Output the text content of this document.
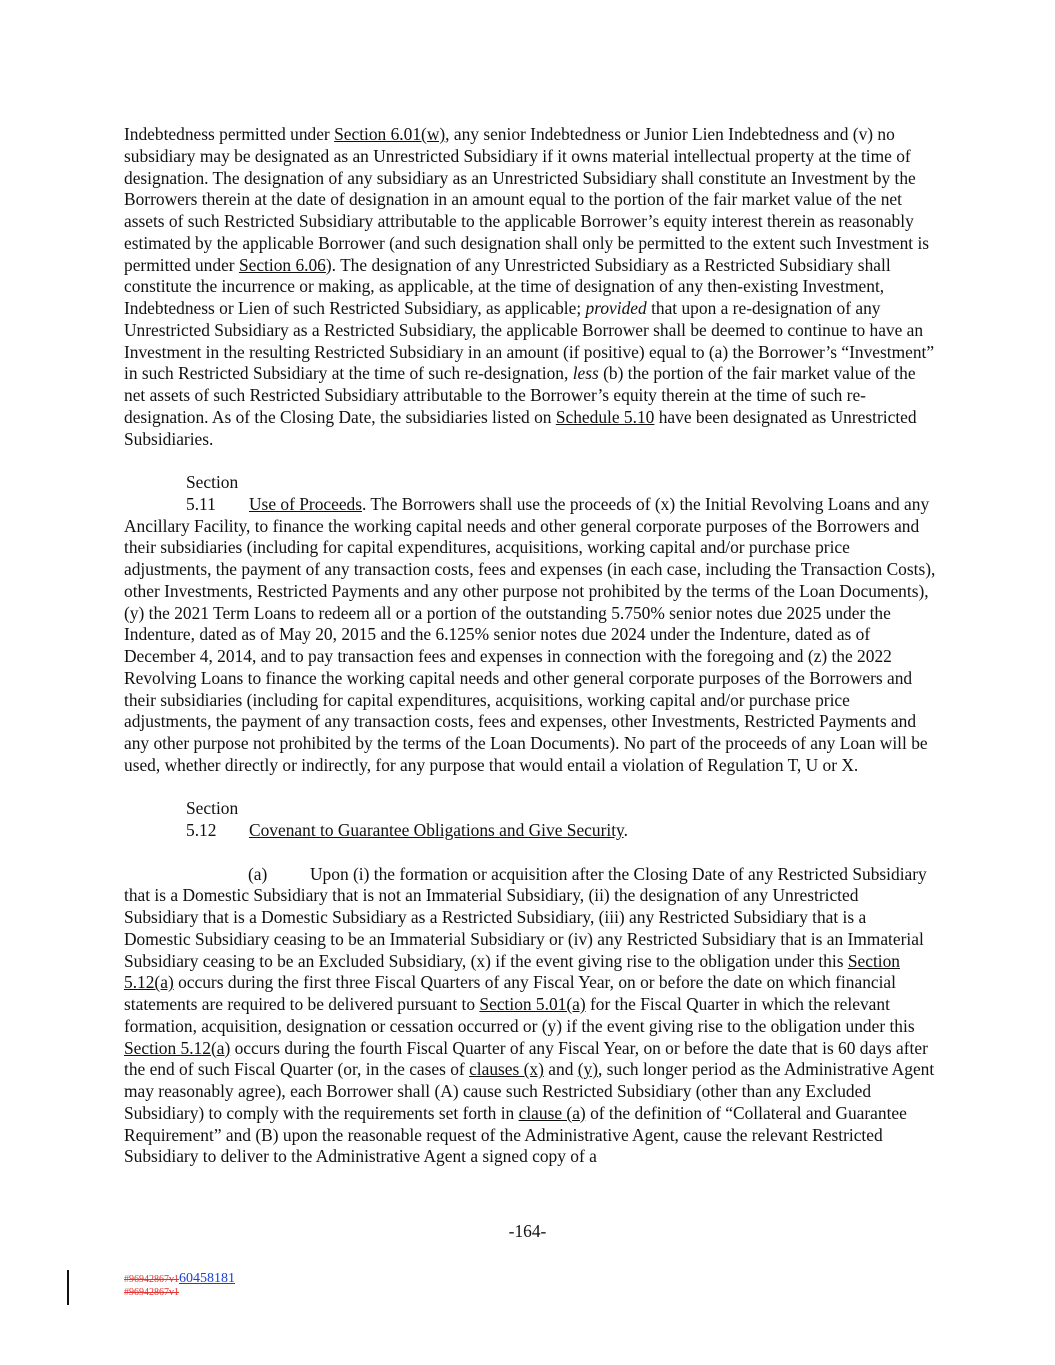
Indebtedness permitted under Section 6.01(w), any senior Indebtedness or Junior Lien Indebtedness and (v) no subsidiary may be designated as an Unrestricted Subsidiary if it owns material intellectual property at the time of designation. The designation of any subsidiary as an Unrestricted Subsidiary shall constitute an Investment by the Borrowers therein at the date of designation in an amount equal to the portion of the fair market value of the net assets of such Restricted Subsidiary attributable to the applicable Borrower’s equity interest therein as reasonably estimated by the applicable Borrower (and such designation shall only be permitted to the extent such Investment is permitted under Section 6.06). The designation of any Unrestricted Subsidiary as a Restricted Subsidiary shall constitute the incurrence or making, as applicable, at the time of designation of any then-existing Investment, Indebtedness or Lien of such Restricted Subsidiary, as applicable; provided that upon a re-designation of any Unrestricted Subsidiary as a Restricted Subsidiary, the applicable Borrower shall be deemed to continue to have an Investment in the resulting Restricted Subsidiary in an amount (if positive) equal to (a) the Borrower’s “Investment” in such Restricted Subsidiary at the time of such re-designation, less (b) the portion of the fair market value of the net assets of such Restricted Subsidiary attributable to the Borrower’s equity therein at the time of such re-designation. As of the Closing Date, the subsidiaries listed on Schedule 5.10 have been designated as Unrestricted Subsidiaries.

Section 5.11 Use of Proceeds. The Borrowers shall use the proceeds of (x) the Initial Revolving Loans and any Ancillary Facility, to finance the working capital needs and other general corporate purposes of the Borrowers and their subsidiaries (including for capital expenditures, acquisitions, working capital and/or purchase price adjustments, the payment of any transaction costs, fees and expenses (in each case, including the Transaction Costs), other Investments, Restricted Payments and any other purpose not prohibited by the terms of the Loan Documents), (y) the 2021 Term Loans to redeem all or a portion of the outstanding 5.750% senior notes due 2025 under the Indenture, dated as of May 20, 2015 and the 6.125% senior notes due 2024 under the Indenture, dated as of December 4, 2014, and to pay transaction fees and expenses in connection with the foregoing and (z) the 2022 Revolving Loans to finance the working capital needs and other general corporate purposes of the Borrowers and their subsidiaries (including for capital expenditures, acquisitions, working capital and/or purchase price adjustments, the payment of any transaction costs, fees and expenses, other Investments, Restricted Payments and any other purpose not prohibited by the terms of the Loan Documents). No part of the proceeds of any Loan will be used, whether directly or indirectly, for any purpose that would entail a violation of Regulation T, U or X.

Section 5.12 Covenant to Guarantee Obligations and Give Security.

(a) Upon (i) the formation or acquisition after the Closing Date of any Restricted Subsidiary that is a Domestic Subsidiary that is not an Immaterial Subsidiary, (ii) the designation of any Unrestricted Subsidiary that is a Domestic Subsidiary as a Restricted Subsidiary, (iii) any Restricted Subsidiary that is a Domestic Subsidiary ceasing to be an Immaterial Subsidiary or (iv) any Restricted Subsidiary that is an Immaterial Subsidiary ceasing to be an Excluded Subsidiary, (x) if the event giving rise to the obligation under this Section 5.12(a) occurs during the first three Fiscal Quarters of any Fiscal Year, on or before the date on which financial statements are required to be delivered pursuant to Section 5.01(a) for the Fiscal Quarter in which the relevant formation, acquisition, designation or cessation occurred or (y) if the event giving rise to the obligation under this Section 5.12(a) occurs during the fourth Fiscal Quarter of any Fiscal Year, on or before the date that is 60 days after the end of such Fiscal Quarter (or, in the cases of clauses (x) and (y), such longer period as the Administrative Agent may reasonably agree), each Borrower shall (A) cause such Restricted Subsidiary (other than any Excluded Subsidiary) to comply with the requirements set forth in clause (a) of the definition of “Collateral and Guarantee Requirement” and (B) upon the reasonable request of the Administrative Agent, cause the relevant Restricted Subsidiary to deliver to the Administrative Agent a signed copy of a

-164-
#96942867v160458181
#96942867v1
